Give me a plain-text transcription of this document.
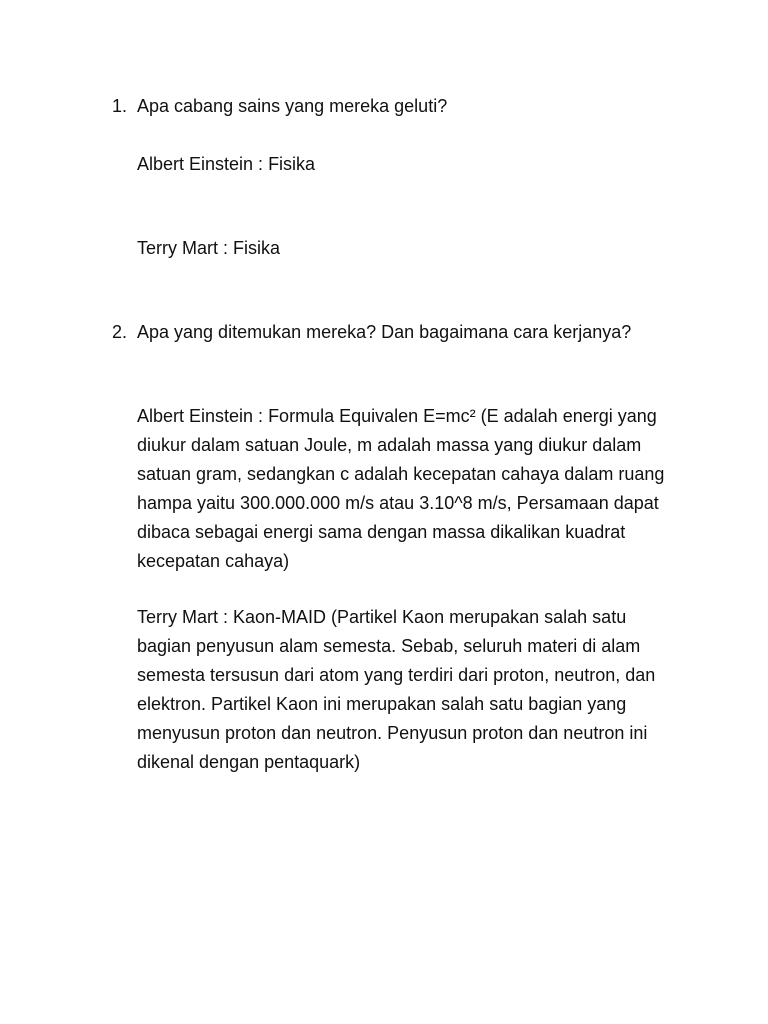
1. Apa cabang sains yang mereka geluti?
Albert Einstein : Fisika
Terry Mart : Fisika
2. Apa yang ditemukan mereka? Dan bagaimana cara kerjanya?
Albert Einstein : Formula Equivalen E=mc² (E adalah energi yang diukur dalam satuan Joule, m adalah massa yang diukur dalam satuan gram, sedangkan c adalah kecepatan cahaya dalam ruang hampa yaitu 300.000.000 m/s atau 3.10^8 m/s, Persamaan dapat dibaca sebagai energi sama dengan massa dikalikan kuadrat kecepatan cahaya)
Terry Mart : Kaon-MAID (Partikel Kaon merupakan salah satu bagian penyusun alam semesta. Sebab, seluruh materi di alam semesta tersusun dari atom yang terdiri dari proton, neutron, dan elektron. Partikel Kaon ini merupakan salah satu bagian yang menyusun proton dan neutron. Penyusun proton dan neutron ini dikenal dengan pentaquark)
